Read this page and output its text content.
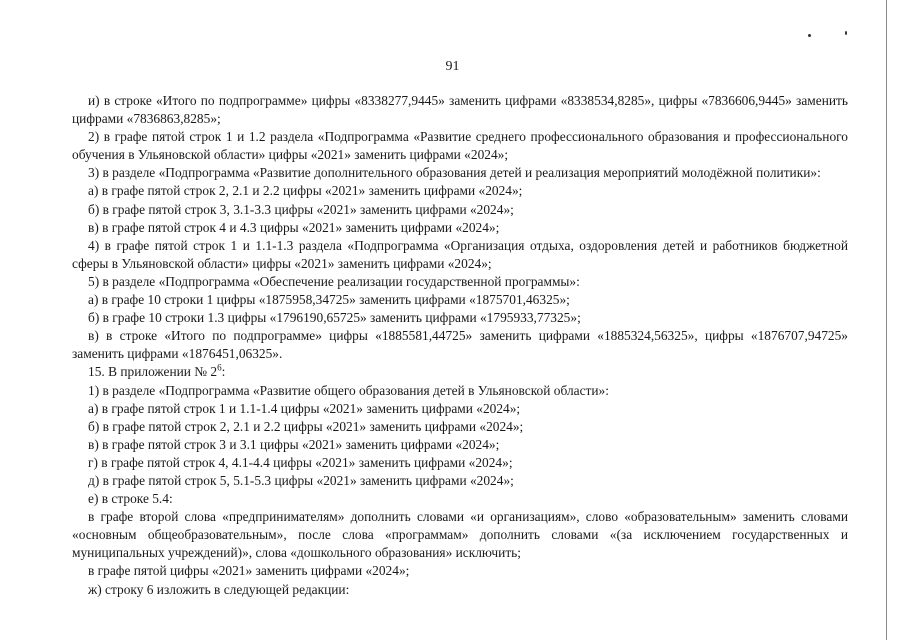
91

и) в строке «Итого по подпрограмме» цифры «8338277,9445» заменить цифрами «8338534,8285», цифры «7836606,9445» заменить цифрами «7836863,8285»;

2) в графе пятой строк 1 и 1.2 раздела «Подпрограмма «Развитие среднего профессионального образования и профессионального обучения в Ульяновской области» цифры «2021» заменить цифрами «2024»;

3) в разделе «Подпрограмма «Развитие дополнительного образования детей и реализация мероприятий молодёжной политики»:

а) в графе пятой строк 2, 2.1 и 2.2 цифры «2021» заменить цифрами «2024»;

б) в графе пятой строк 3, 3.1-3.3 цифры «2021» заменить цифрами «2024»;

в) в графе пятой строк 4 и 4.3 цифры «2021» заменить цифрами «2024»;

4) в графе пятой строк 1 и 1.1-1.3 раздела «Подпрограмма «Организация отдыха, оздоровления детей и работников бюджетной сферы в Ульяновской области» цифры «2021» заменить цифрами «2024»;

5) в разделе «Подпрограмма «Обеспечение реализации государственной программы»:

а) в графе 10 строки 1 цифры «1875958,34725» заменить цифрами «1875701,46325»;

б) в графе 10 строки 1.3 цифры «1796190,65725» заменить цифрами «1795933,77325»;

в) в строке «Итого по подпрограмме» цифры «1885581,44725» заменить цифрами «1885324,56325», цифры «1876707,94725» заменить цифрами «1876451,06325».

15. В приложении № $2^6$:

1) в разделе «Подпрограмма «Развитие общего образования детей в Ульяновской области»:

а) в графе пятой строк 1 и 1.1-1.4 цифры «2021» заменить цифрами «2024»;

б) в графе пятой строк 2, 2.1 и 2.2 цифры «2021» заменить цифрами «2024»;

в) в графе пятой строк 3 и 3.1 цифры «2021» заменить цифрами «2024»;

г) в графе пятой строк 4, 4.1-4.4 цифры «2021» заменить цифрами «2024»;

д) в графе пятой строк 5, 5.1-5.3 цифры «2021» заменить цифрами «2024»;

е) в строке 5.4:

в графе второй слова «предпринимателям» дополнить словами «и организациям», слово «образовательным» заменить словами «основным общеобразовательным», после слова «программам» дополнить словами «(за исключением государственных и муниципальных учреждений)», слова «дошкольного образования» исключить;

в графе пятой цифры «2021» заменить цифрами «2024»;

ж) строку 6 изложить в следующей редакции:
